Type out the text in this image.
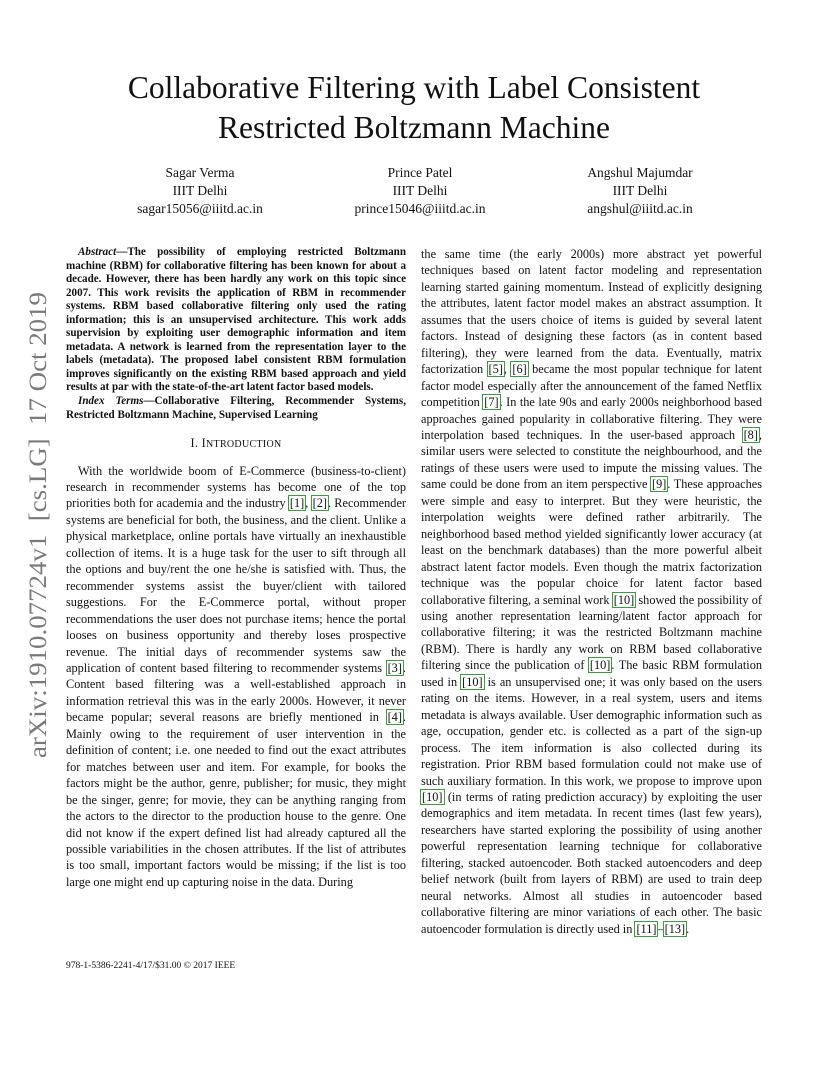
arXiv:1910.07724v1  [cs.LG]  17 Oct 2019
Collaborative Filtering with Label Consistent
Restricted Boltzmann Machine
Sagar Verma
IIIT Delhi
sagar15056@iiitd.ac.in
Prince Patel
IIIT Delhi
prince15046@iiitd.ac.in
Angshul Majumdar
IIIT Delhi
angshul@iiitd.ac.in

Abstract—The possibility of employing restricted Boltzmann machine (RBM) for collaborative filtering has been known for about a decade. However, there has been hardly any work on this topic since 2007. This work revisits the application of RBM in recommender systems. RBM based collaborative filtering only used the rating information; this is an unsupervised architecture. This work adds supervision by exploiting user demographic information and item metadata. A network is learned from the representation layer to the labels (metadata). The proposed label consistent RBM formulation improves significantly on the existing RBM based approach and yield results at par with the state-of-the-art latent factor based models.

Index Terms—Collaborative Filtering, Recommender Systems, Restricted Boltzmann Machine, Supervised Learning

I. INTRODUCTION

With the worldwide boom of E-Commerce (business-to-client) research in recommender systems has become one of the top priorities both for academia and the industry [1], [2]. Recommender systems are beneficial for both, the business, and the client. Unlike a physical marketplace, online portals have virtually an inexhaustible collection of items. It is a huge task for the user to sift through all the options and buy/rent the one he/she is satisfied with. Thus, the recommender systems assist the buyer/client with tailored suggestions. For the E-Commerce portal, without proper recommendations the user does not purchase items; hence the portal looses on business opportunity and thereby loses prospective revenue. The initial days of recommender systems saw the application of content based filtering to recommender systems [3]. Content based filtering was a well-established approach in information retrieval this was in the early 2000s. However, it never became popular; several reasons are briefly mentioned in [4]. Mainly owing to the requirement of user intervention in the definition of content; i.e. one needed to find out the exact attributes for matches between user and item. For example, for books the factors might be the author, genre, publisher; for music, they might be the singer, genre; for movie, they can be anything ranging from the actors to the director to the production house to the genre. One did not know if the expert defined list had already captured all the possible variabilities in the chosen attributes. If the list of attributes is too small, important factors would be missing; if the list is too large one might end up capturing noise in the data. During

the same time (the early 2000s) more abstract yet powerful techniques based on latent factor modeling and representation learning started gaining momentum. Instead of explicitly designing the attributes, latent factor model makes an abstract assumption. It assumes that the users choice of items is guided by several latent factors. Instead of designing these factors (as in content based filtering), they were learned from the data. Eventually, matrix factorization [5], [6] became the most popular technique for latent factor model especially after the announcement of the famed Netflix competition [7]. In the late 90s and early 2000s neighborhood based approaches gained popularity in collaborative filtering. They were interpolation based techniques. In the user-based approach [8], similar users were selected to constitute the neighbourhood, and the ratings of these users were used to impute the missing values. The same could be done from an item perspective [9]. These approaches were simple and easy to interpret. But they were heuristic, the interpolation weights were defined rather arbitrarily. The neighborhood based method yielded significantly lower accuracy (at least on the benchmark databases) than the more powerful albeit abstract latent factor models. Even though the matrix factorization technique was the popular choice for latent factor based collaborative filtering, a seminal work [10] showed the possibility of using another representation learning/latent factor approach for collaborative filtering; it was the restricted Boltzmann machine (RBM). There is hardly any work on RBM based collaborative filtering since the publication of [10]. The basic RBM formulation used in [10] is an unsupervised one; it was only based on the users rating on the items. However, in a real system, users and items metadata is always available. User demographic information such as age, occupation, gender etc. is collected as a part of the sign-up process. The item information is also collected during its registration. Prior RBM based formulation could not make use of such auxiliary formation. In this work, we propose to improve upon [10] (in terms of rating prediction accuracy) by exploiting the user demographics and item metadata. In recent times (last few years), researchers have started exploring the possibility of using another powerful representation learning technique for collaborative filtering, stacked autoencoder. Both stacked autoencoders and deep belief network (built from layers of RBM) are used to train deep neural networks. Almost all studies in autoencoder based collaborative filtering are minor variations of each other. The basic autoencoder formulation is directly used in [11]–[13].

978-1-5386-2241-4/17/$31.00 © 2017 IEEE
